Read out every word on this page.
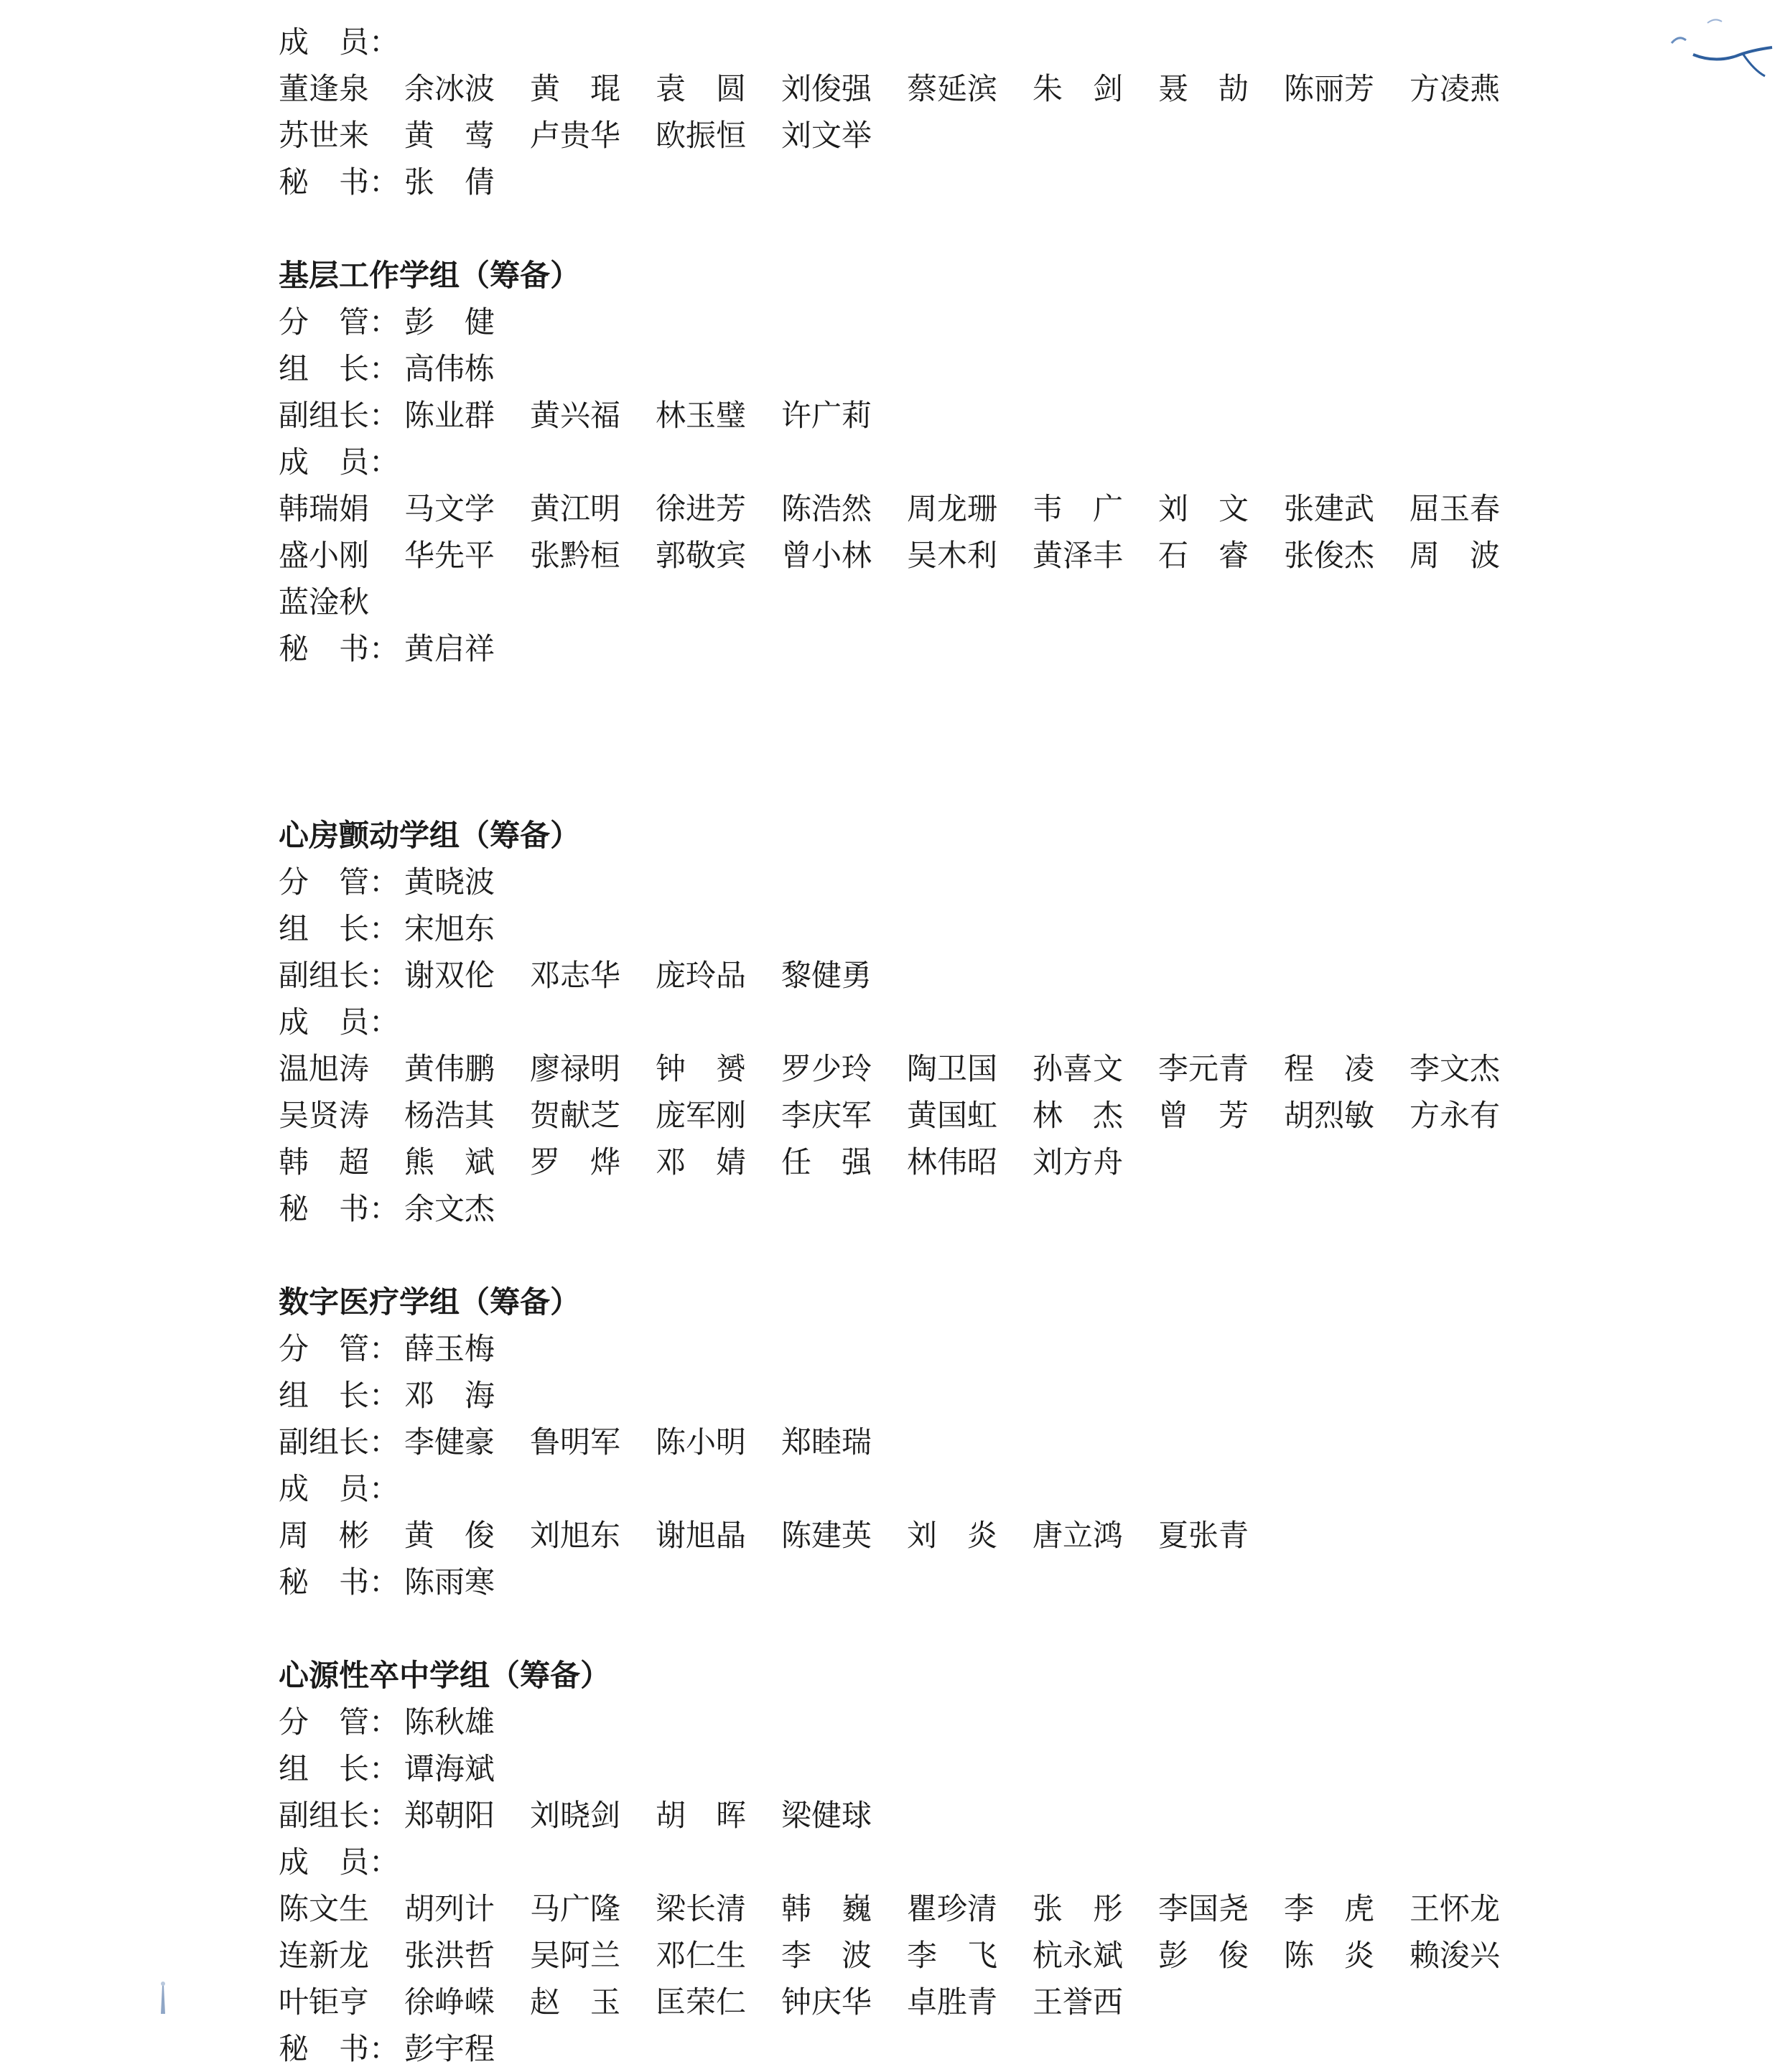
成　员：
董逢泉	余冰波	黄　琨	袁　圆	刘俊强	蔡延滨	朱　剑	聂　劼	陈丽芳	方凌燕
苏世来	黄　莺	卢贵华	欧振恒	刘文举
秘　书： 张　倩
基层工作学组（筹备）
分　管： 彭　健
组　长： 高伟栋
副组长： 陈业群	黄兴福	林玉璧	许广莉
成　员：
韩瑞娟	马文学	黄江明	徐进芳	陈浩然	周龙珊	韦　广	刘　文	张建武	屈玉春
盛小刚	华先平	张黔桓	郭敬宾	曾小林	吴木利	黄泽丰	石　睿	张俊杰	周　波
蓝淦秋
秘　书： 黄启祥
心房颤动学组（筹备）
分　管： 黄晓波
组　长： 宋旭东
副组长： 谢双伦	邓志华	庞玲品	黎健勇
成　员：
温旭涛	黄伟鹏	廖禄明	钟　赟	罗少玲	陶卫国	孙喜文	李元青	程　凌	李文杰
吴贤涛	杨浩其	贺献芝	庞军刚	李庆军	黄国虹	林　杰	曾　芳	胡烈敏	方永有
韩　超	熊　斌	罗　烨	邓　婧	任　强	林伟昭	刘方舟
秘　书： 余文杰
数字医疗学组（筹备）
分　管： 薛玉梅
组　长： 邓　海
副组长： 李健豪	鲁明军	陈小明	郑睦瑞
成　员：
周　彬	黄　俊	刘旭东	谢旭晶	陈建英	刘　炎	唐立鸿	夏张青
秘　书： 陈雨寒
心源性卒中学组（筹备）
分　管： 陈秋雄
组　长： 谭海斌
副组长： 郑朝阳	刘晓剑	胡　晖	梁健球
成　员：
陈文生	胡列计	马广隆	梁长清	韩　巍	瞿珍清	张　彤	李国尧	李　虎	王怀龙
连新龙	张洪哲	吴阿兰	邓仁生	李　波	李　飞	杭永斌	彭　俊	陈　炎	赖浚兴
叶钜亨	徐峥嵘	赵　玉	匡荣仁	钟庆华	卓胜青	王誉西
秘　书： 彭宇程
